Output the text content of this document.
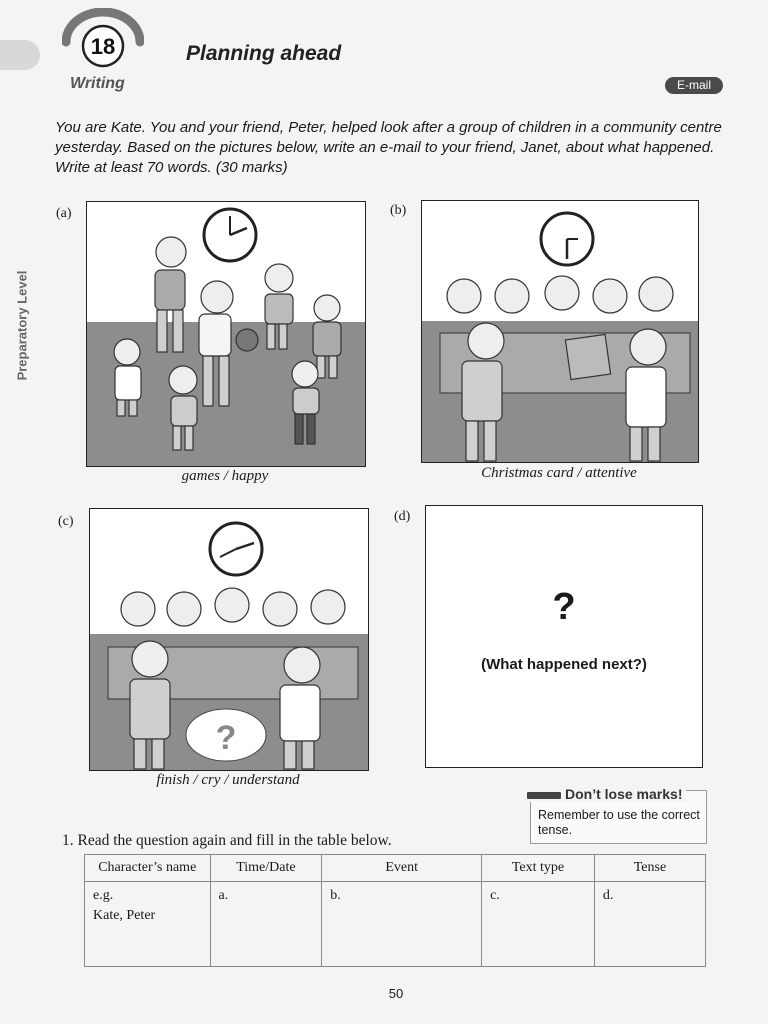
Preparatory Level
18
Writing
Planning ahead
E-mail
You are Kate. You and your friend, Peter, helped look after a group of children in a community centre yesterday. Based on the pictures below, write an e-mail to your friend, Janet, about what happened. Write at least 70 words. (30 marks)
(a)
games / happy
(b)
Christmas card / attentive
(c)
?
finish / cry / understand
(d)
?
(What happened next?)
Don’t lose marks!
Remember to use the correct tense.
1. Read the question again and fill in the table below.
Character’s name	Time/Date	Event	Text type	Tense

e.g.
Kate, Peter	a.	b.	c.	d.
50
